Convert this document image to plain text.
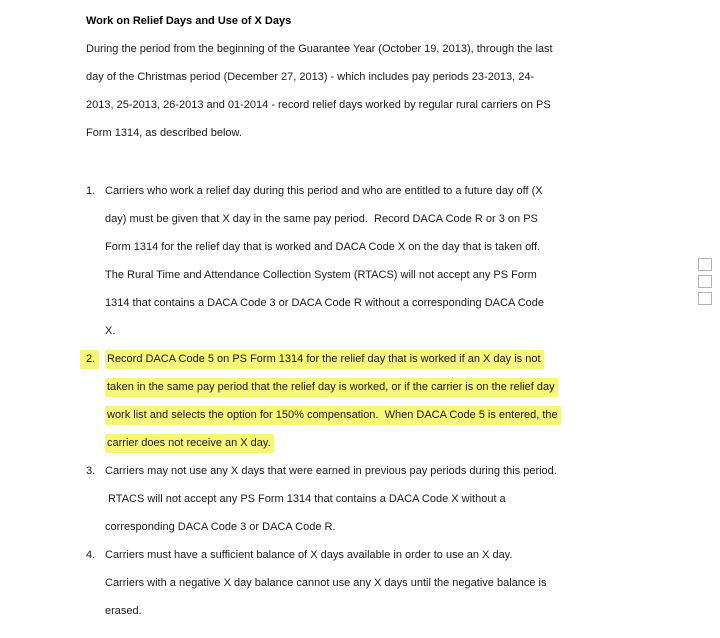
Work on Relief Days and Use of X Days
During the period from the beginning of the Guarantee Year (October 19, 2013), through the last
day of the Christmas period (December 27, 2013) - which includes pay periods 23-2013, 24-
2013, 25-2013, 26-2013 and 01-2014 - record relief days worked by regular rural carriers on PS
Form 1314, as described below.
1. Carriers who work a relief day during this period and who are entitled to a future day off (X
day) must be given that X day in the same pay period.  Record DACA Code R or 3 on PS
Form 1314 for the relief day that is worked and DACA Code X on the day that is taken off.
The Rural Time and Attendance Collection System (RTACS) will not accept any PS Form
1314 that contains a DACA Code 3 or DACA Code R without a corresponding DACA Code
X.
2.	Record DACA Code 5 on PS Form 1314 for the relief day that is worked if an X day is not
taken in the same pay period that the relief day is worked, or if the carrier is on the relief day
work list and selects the option for 150% compensation.  When DACA Code 5 is entered, the
carrier does not receive an X day.
3. Carriers may not use any X days that were earned in previous pay periods during this period.
RTACS will not accept any PS Form 1314 that contains a DACA Code X without a
corresponding DACA Code 3 or DACA Code R.
4. Carriers must have a sufficient balance of X days available in order to use an X day.
Carriers with a negative X day balance cannot use any X days until the negative balance is
erased.
